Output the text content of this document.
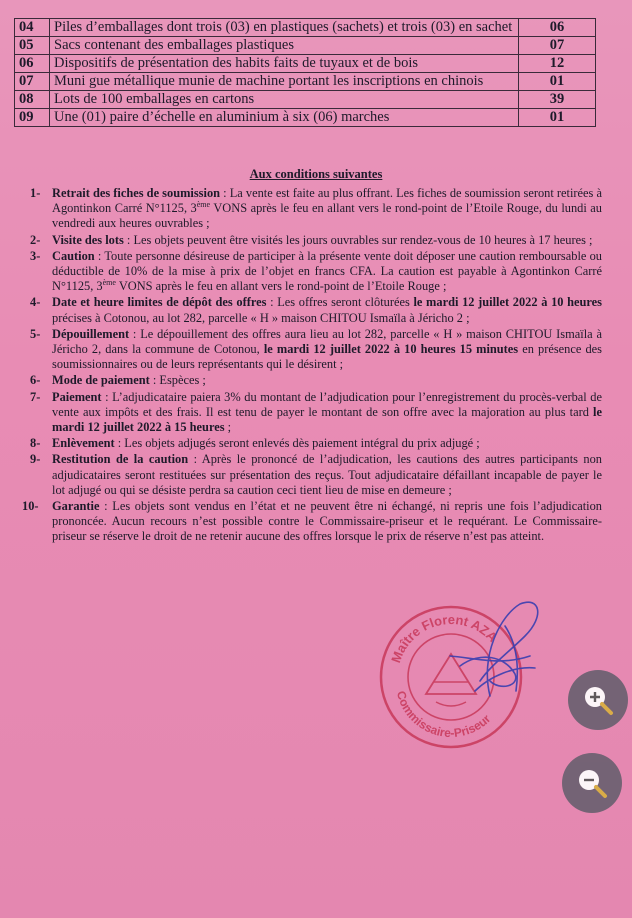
04	Piles d’emballages dont trois (03) en plastiques (sachets) et trois (03) en sachet	06
05	Sacs contenant des emballages plastiques	07
06	Dispositifs de présentation des habits faits de tuyaux et de bois	12
07	Muni gue métallique munie de machine portant les inscriptions en chinois	01
08	Lots de 100 emballages en cartons	39
09	Une (01) paire d’échelle en aluminium à six (06) marches	01
Aux conditions suivantes
1- Retrait des fiches de soumission : La vente est faite au plus offrant. Les fiches de soumission seront retirées à Agontinkon Carré N°1125, 3ème VONS après le feu en allant vers le rond-point de l’Etoile Rouge, du lundi au vendredi aux heures ouvrables ;
2- Visite des lots : Les objets peuvent être visités les jours ouvrables sur rendez-vous de 10 heures à 17 heures ;
3- Caution : Toute personne désireuse de participer à la présente vente doit déposer une caution remboursable ou déductible de 10% de la mise à prix de l’objet en francs CFA. La caution est payable à Agontinkon Carré N°1125, 3ème VONS après le feu en allant vers le rond-point de l’Etoile Rouge ;
4- Date et heure limites de dépôt des offres : Les offres seront clôturées le mardi 12 juillet 2022 à 10 heures précises à Cotonou, au lot 282, parcelle « H » maison CHITOU Ismaïla à Jéricho 2 ;
5- Dépouillement : Le dépouillement des offres aura lieu au lot 282, parcelle « H » maison CHITOU Ismaïla à Jéricho 2, dans la commune de Cotonou, le mardi 12 juillet 2022 à 10 heures 15 minutes en présence des soumissionnaires ou de leurs représentants qui le désirent ;
6- Mode de paiement : Espèces ;
7- Paiement : L’adjudicataire paiera 3% du montant de l’adjudication pour l’enregistrement du procès-verbal de vente aux impôts et des frais. Il est tenu de payer le montant de son offre avec la majoration au plus tard le mardi 12 juillet 2022 à 15 heures ;
8- Enlèvement : Les objets adjugés seront enlevés dès paiement intégral du prix adjugé ;
9- Restitution de la caution : Après le prononcé de l’adjudication, les cautions des autres participants non adjudicataires seront restituées sur présentation des reçus. Tout adjudicataire défaillant incapable de payer le lot adjugé ou qui se désiste perdra sa caution ceci tient lieu de mise en demeure ;
10- Garantie : Les objets sont vendus en l’état et ne peuvent être ni échangé, ni repris une fois l’adjudication prononcée. Aucun recours n’est possible contre le Commissaire-priseur et le requérant. Le Commissaire-priseur se réserve le droit de ne retenir aucune des offres lorsque le prix de réserve n’est pas atteint.
Maître Florent AZA
Commissaire-Priseur
